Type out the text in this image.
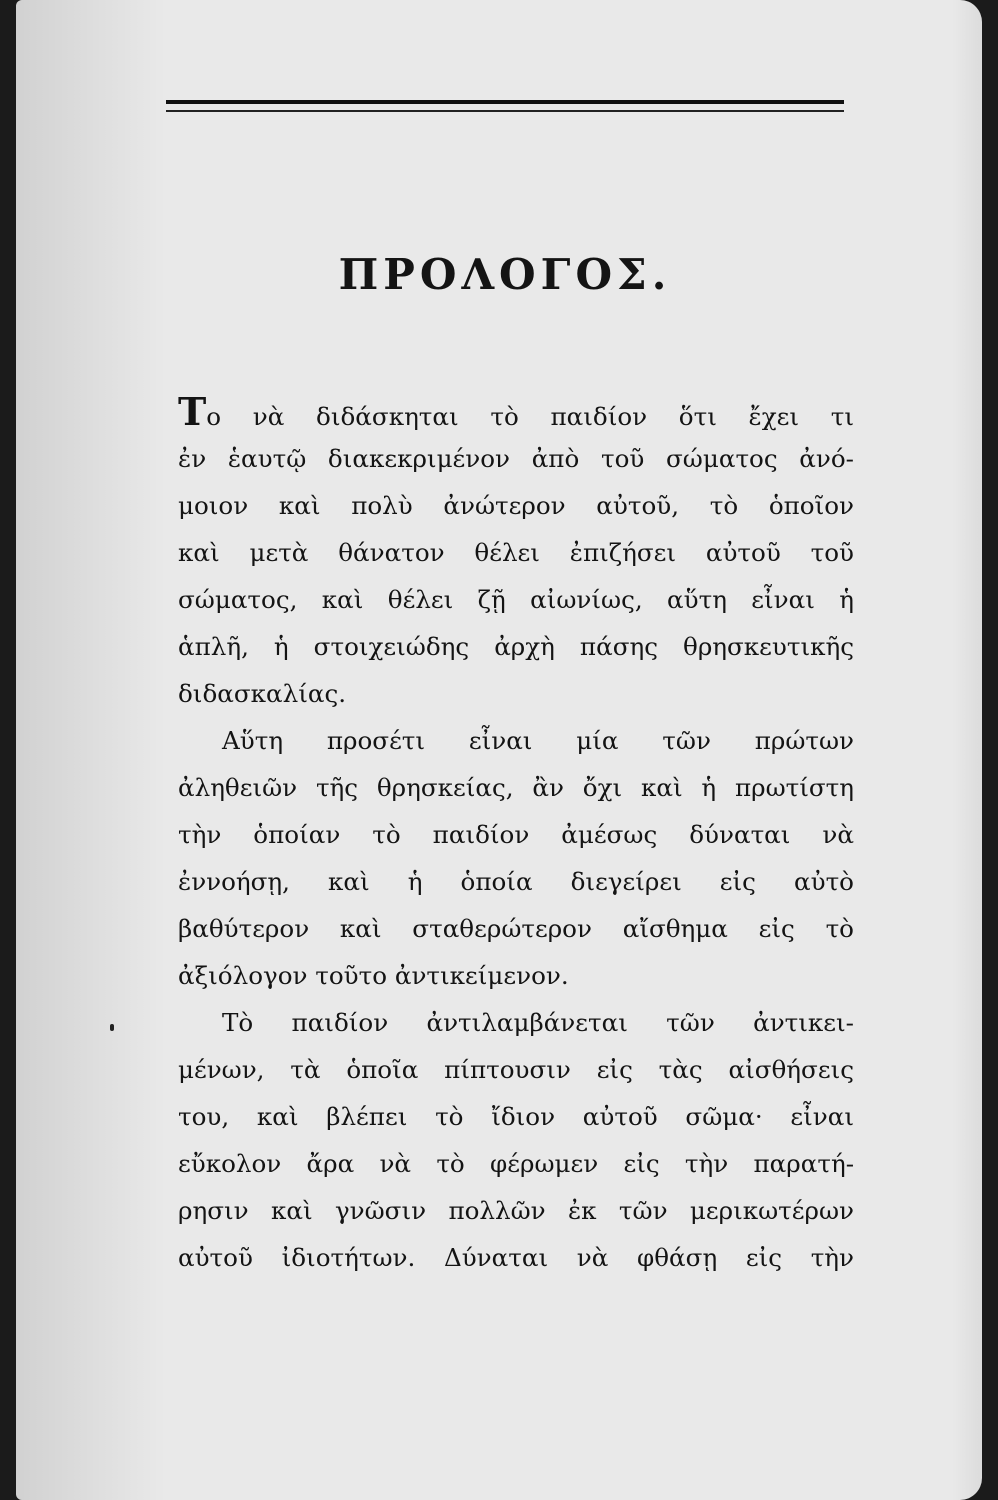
ΠΡΟΛΟΓΟΣ.
Το νὰ διδάσκηται τὸ παιδίον ὅτι ἔχει τι
ἐν ἑαυτῷ διακεκριμένον ἀπὸ τοῦ σώματος ἀνό-
μοιον καὶ πολὺ ἀνώτερον αὐτοῦ, τὸ ὁποῖον
καὶ μετὰ θάνατον θέλει ἐπιζήσει αὐτοῦ τοῦ
σώματος, καὶ θέλει ζῇ αἰωνίως, αὕτη εἶναι ἡ
ἁπλῆ, ἡ στοιχειώδης ἀρχὴ πάσης θρησκευτικῆς
διδασκαλίας.
Αὕτη προσέτι εἶναι μία τῶν πρώτων
ἀληθειῶν τῆς θρησκείας, ἂν ὄχι καὶ ἡ πρωτίστη
τὴν ὁποίαν τὸ παιδίον ἀμέσως δύναται νὰ
ἐννοήσῃ, καὶ ἡ ὁποία διεγείρει εἰς αὐτὸ
βαθύτερον καὶ σταθερώτερον αἴσθημα εἰς τὸ
ἀξιόλογον τοῦτο ἀντικείμενον.
Τὸ παιδίον ἀντιλαμβάνεται τῶν ἀντικει-
μένων, τὰ ὁποῖα πίπτουσιν εἰς τὰς αἰσθήσεις
του, καὶ βλέπει τὸ ἴδιον αὐτοῦ σῶμα· εἶναι
εὔκολον ἄρα νὰ τὸ φέρωμεν εἰς τὴν παρατή-
ρησιν καὶ γνῶσιν πολλῶν ἐκ τῶν μερικωτέρων
αὐτοῦ ἰδιοτήτων. Δύναται νὰ φθάσῃ εἰς τὴν
